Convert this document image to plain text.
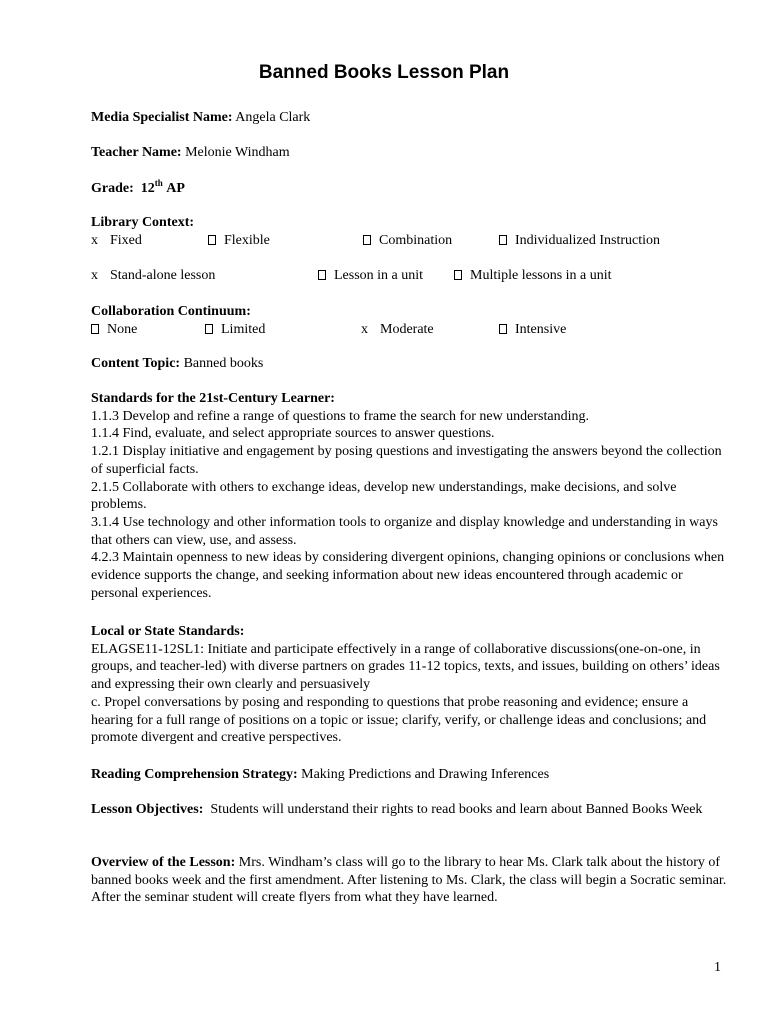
Banned Books Lesson Plan
Media Specialist Name: Angela Clark
Teacher Name: Melonie Windham
Grade: 12th AP
Library Context:
x Fixed	Flexible	Combination	Individualized Instruction
x Stand-alone lesson	Lesson in a unit	Multiple lessons in a unit
Collaboration Continuum:
None	Limited	x Moderate	Intensive
Content Topic: Banned books
Standards for the 21st-Century Learner:
1.1.3 Develop and refine a range of questions to frame the search for new understanding.
1.1.4 Find, evaluate, and select appropriate sources to answer questions.
1.2.1 Display initiative and engagement by posing questions and investigating the answers beyond the collection of superficial facts.
2.1.5 Collaborate with others to exchange ideas, develop new understandings, make decisions, and solve problems.
3.1.4 Use technology and other information tools to organize and display knowledge and understanding in ways that others can view, use, and assess.
4.2.3 Maintain openness to new ideas by considering divergent opinions, changing opinions or conclusions when evidence supports the change, and seeking information about new ideas encountered through academic or personal experiences.
Local or State Standards:
ELAGSE11-12SL1: Initiate and participate effectively in a range of collaborative discussions(one-on-one, in groups, and teacher-led) with diverse partners on grades 11-12 topics, texts, and issues, building on others’ ideas and expressing their own clearly and persuasively
c. Propel conversations by posing and responding to questions that probe reasoning and evidence; ensure a hearing for a full range of positions on a topic or issue; clarify, verify, or challenge ideas and conclusions; and promote divergent and creative perspectives.
Reading Comprehension Strategy: Making Predictions and Drawing Inferences
Lesson Objectives: Students will understand their rights to read books and learn about Banned Books Week
Overview of the Lesson: Mrs. Windham’s class will go to the library to hear Ms. Clark talk about the history of banned books week and the first amendment. After listening to Ms. Clark, the class will begin a Socratic seminar. After the seminar student will create flyers from what they have learned.
1
